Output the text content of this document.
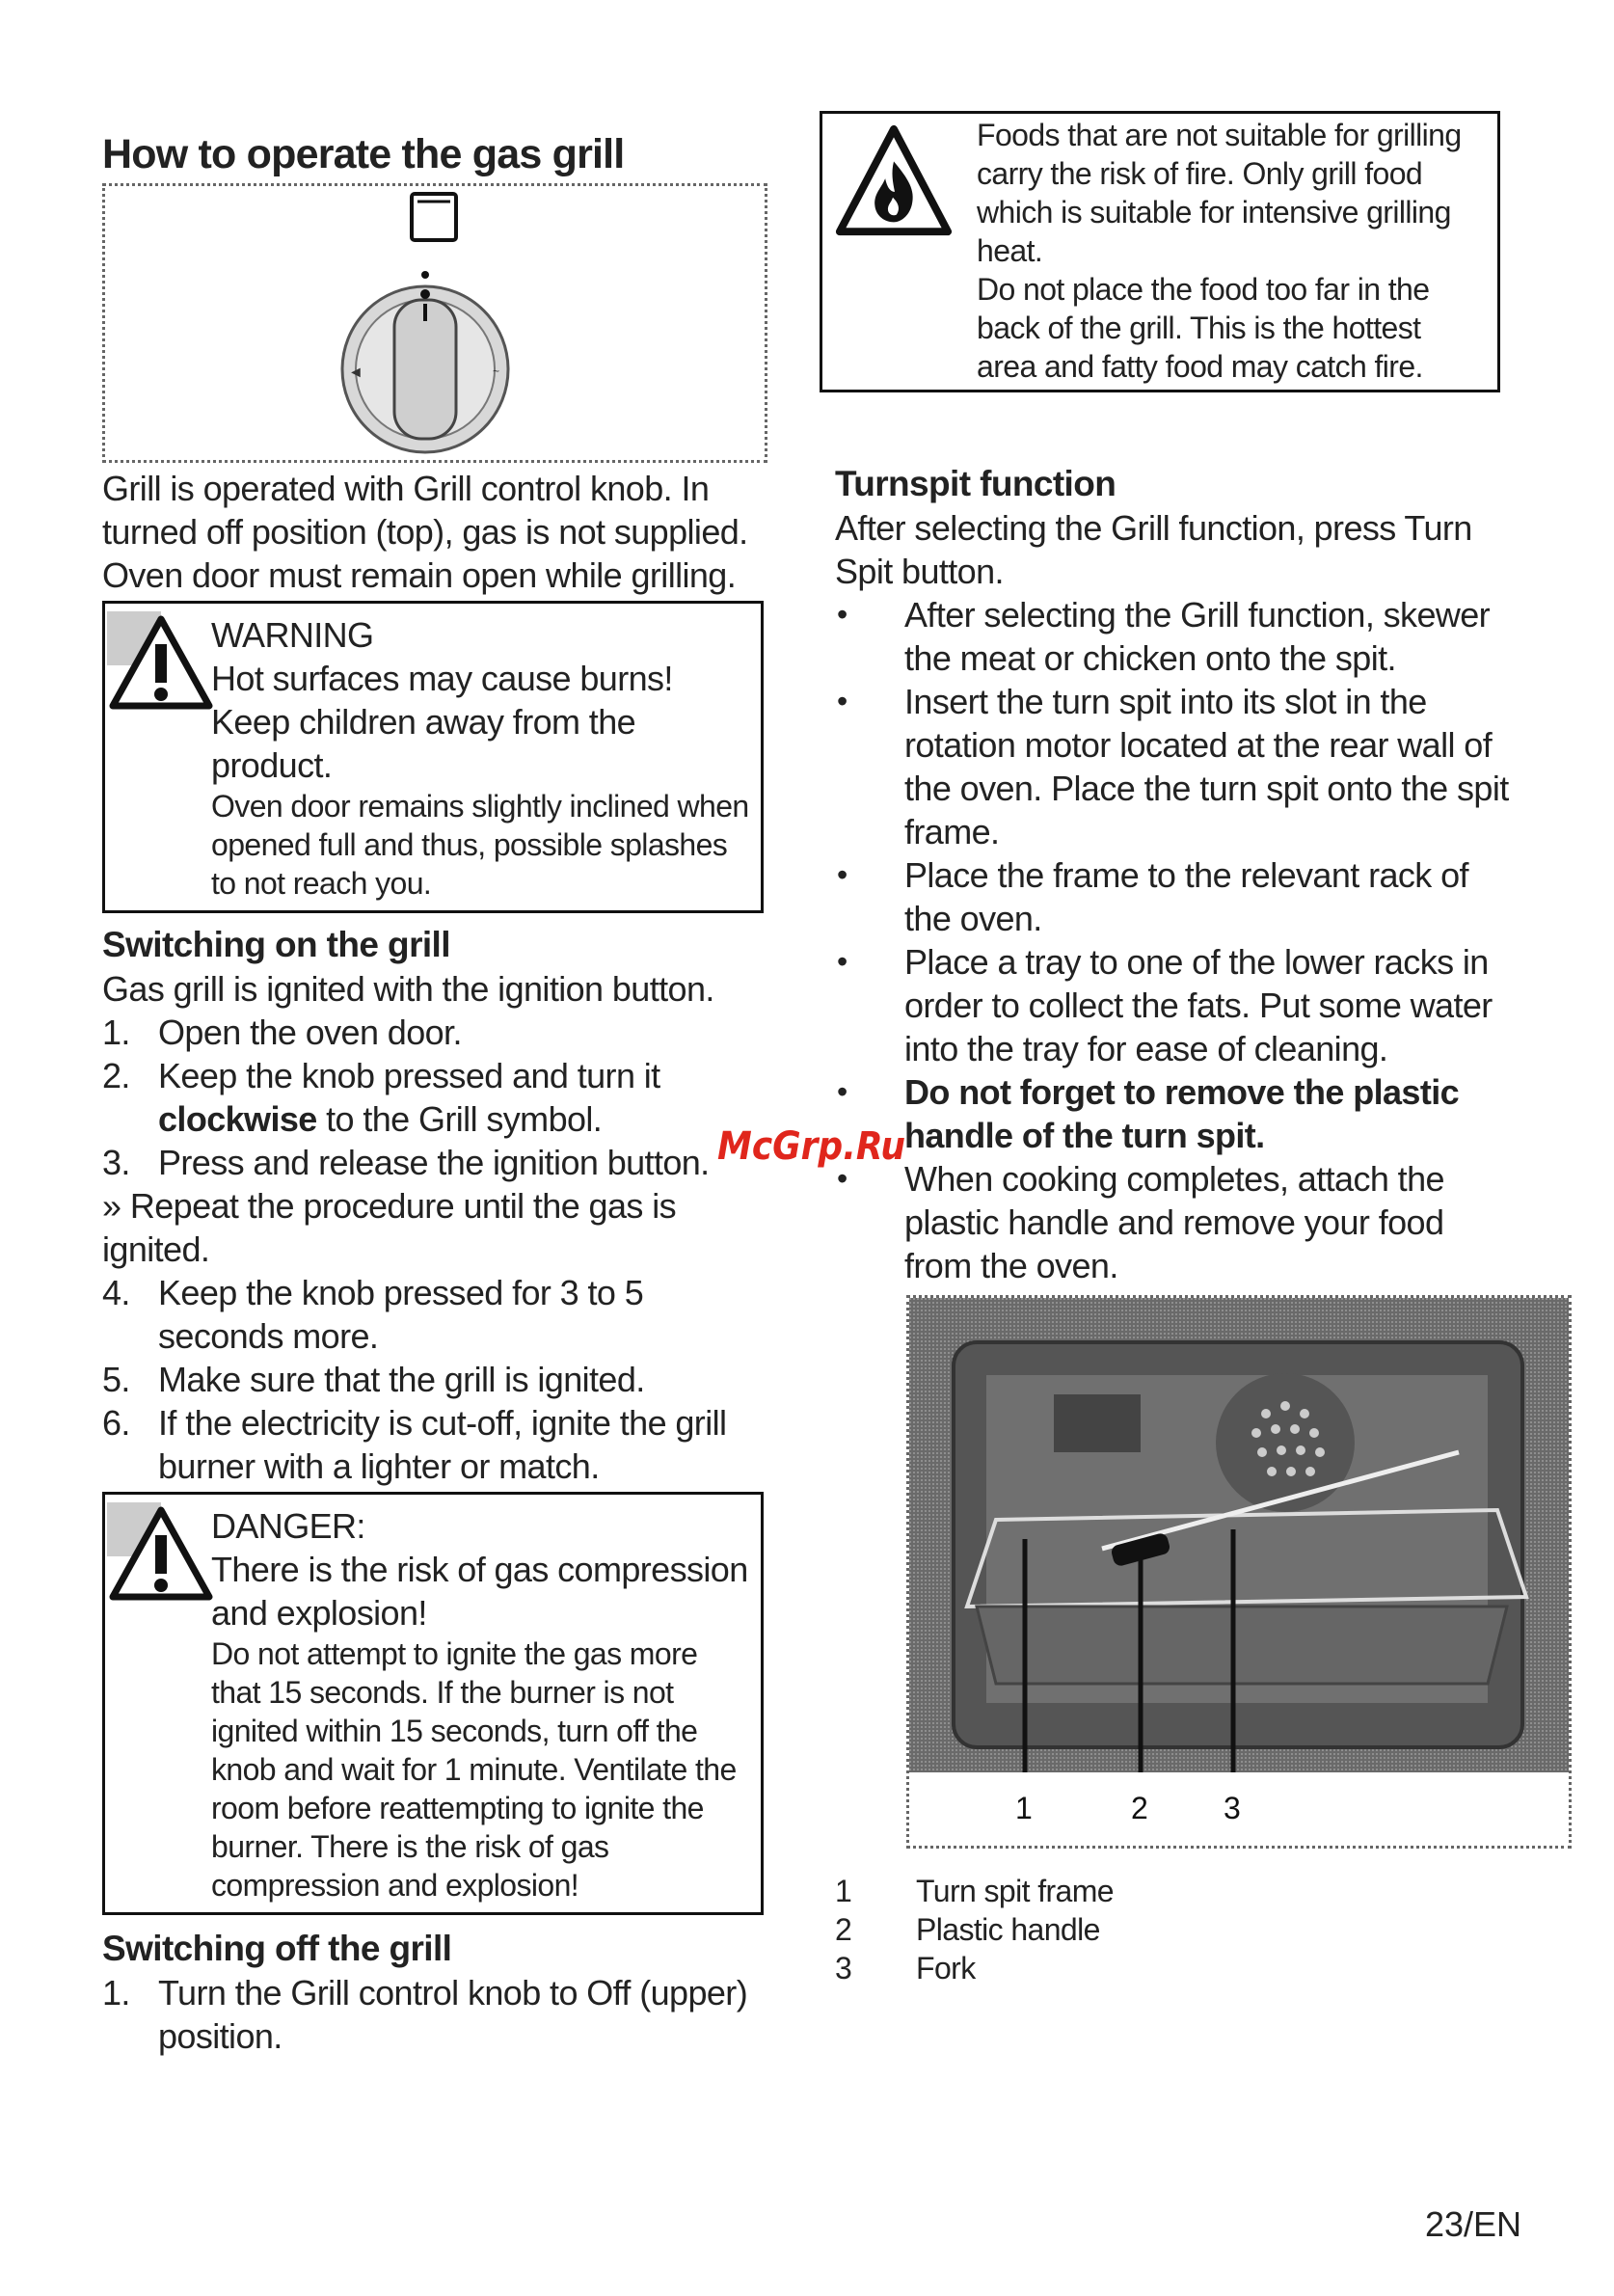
How to operate the gas grill
◄	~
Grill is operated with Grill control knob. In turned off position (top), gas is not supplied.
Oven door must remain open while grilling.
WARNING
Hot surfaces may cause burns! Keep children away from the product.
Oven door remains slightly inclined when opened full and thus, possible splashes to not reach you.
Switching on the grill
Gas grill is ignited with the ignition button.
1. Open the oven door.
2. Keep the knob pressed and turn it clockwise to the Grill symbol.
3. Press and release the ignition button.
» Repeat the procedure until the gas is ignited.
4. Keep the knob pressed for 3 to 5 seconds more.
5. Make sure that the grill is ignited.
6. If the electricity is cut-off, ignite the grill burner with a lighter or match.
DANGER:
There is the risk of gas compression and explosion!
Do not attempt to ignite the gas more that 15 seconds. If the burner is not ignited within 15 seconds, turn off the knob and wait for 1 minute. Ventilate the room before reattempting to ignite the burner. There is the risk of gas compression and explosion!
Switching off the grill
1. Turn the Grill control knob to Off (upper) position.
Foods that are not suitable for grilling carry the risk of fire. Only grill food which is suitable for intensive grilling heat.
Do not place the food too far in the back of the grill. This is the hottest area and fatty food may catch fire.
Turnspit function
After selecting the Grill function, press Turn Spit button.
• After selecting the Grill function, skewer the meat or chicken onto the spit.
• Insert the turn spit into its slot in the rotation motor located at the rear wall of the oven. Place the turn spit onto the spit frame.
• Place the frame to the relevant rack of the oven.
• Place a tray to one of the lower racks in order to collect the fats. Put some water into the tray for ease of cleaning.
• Do not forget to remove the plastic handle of the turn spit.
• When cooking completes, attach the plastic handle and remove your food from the oven.
1	2 3
1	Turn spit frame
2	Plastic handle
3	Fork
McGrp.Ru
23/EN
